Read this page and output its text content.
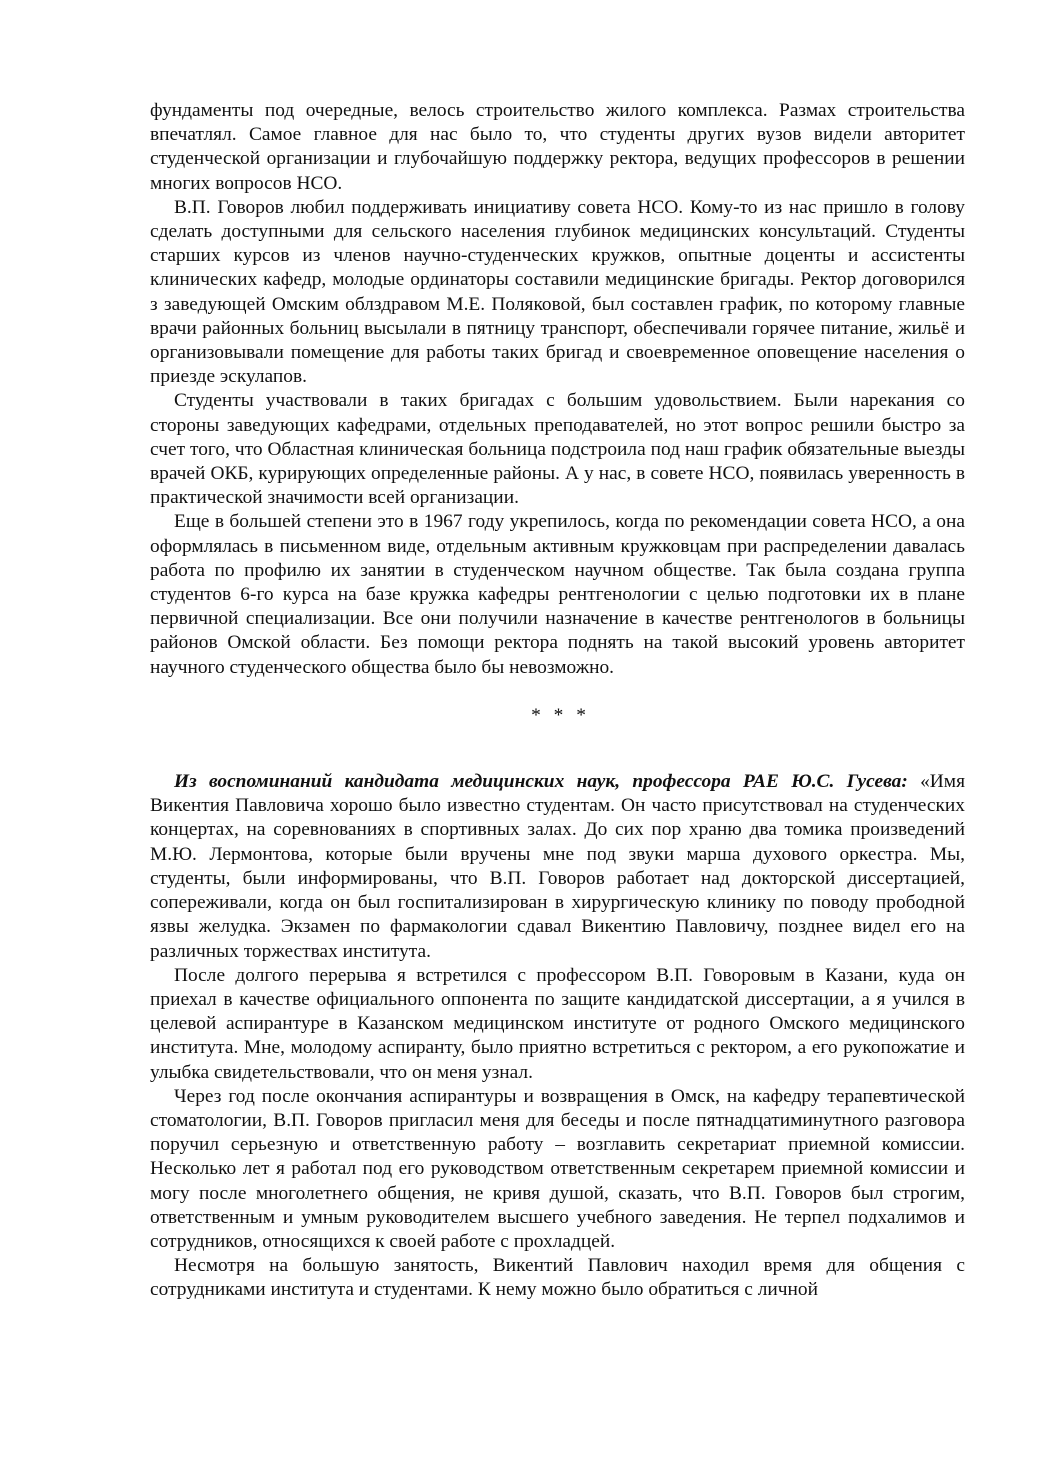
фундаменты под очередные, велось строительство жилого комплекса. Размах строительства впечатлял. Самое главное для нас было то, что студенты других вузов видели авторитет студенческой организации и глубочайшую поддержку ректора, ведущих профессоров в решении многих вопросов НСО.

В.П. Говоров любил поддерживать инициативу совета НСО. Кому-то из нас пришло в голову сделать доступными для сельского населения глубинок медицинских консультаций. Студенты старших курсов из членов научно-студенческих кружков, опытные доценты и ассистенты клинических кафедр, молодые ординаторы составили медицинские бригады. Ректор договорился з заведующей Омским облздравом М.Е. Поляковой, был составлен график, по которому главные врачи районных больниц высылали в пятницу транспорт, обеспечивали горячее питание, жильё и организовывали помещение для работы таких бригад и своевременное оповещение населения о приезде эскулапов.

Студенты участвовали в таких бригадах с большим удовольствием. Были нарекания со стороны заведующих кафедрами, отдельных преподавателей, но этот вопрос решили быстро за счет того, что Областная клиническая больница подстроила под наш график обязательные выезды врачей ОКБ, курирующих определенные районы. А у нас, в совете НСО, появилась уверенность в практической значимости всей организации.

Еще в большей степени это в 1967 году укрепилось, когда по рекомендации совета НСО, а она оформлялась в письменном виде, отдельным активным кружковцам при распределении давалась работа по профилю их занятии в студенческом научном обществе. Так была создана группа студентов 6-го курса на базе кружка кафедры рентгенологии с целью подготовки их в плане первичной специализации. Все они получили назначение в качестве рентгенологов в больницы районов Омской области. Без помощи ректора поднять на такой высокий уровень авторитет научного студенческого общества было бы невозможно.

* * *

Из воспоминаний кандидата медицинских наук, профессора РАЕ Ю.С. Гусева: «Имя Викентия Павловича хорошо было известно студентам. Он часто присутствовал на студенческих концертах, на соревнованиях в спортивных залах. До сих пор храню два томика произведений М.Ю. Лермонтова, которые были вручены мне под звуки марша духового оркестра. Мы, студенты, были информированы, что В.П. Говоров работает над докторской диссертацией, сопереживали, когда он был госпитализирован в хирургическую клинику по поводу прободной язвы желудка. Экзамен по фармакологии сдавал Викентию Павловичу, позднее видел его на различных торжествах института.

После долгого перерыва я встретился с профессором В.П. Говоровым в Казани, куда он приехал в качестве официального оппонента по защите кандидатской диссертации, а я учился в целевой аспирантуре в Казанском медицинском институте от родного Омского медицинского института. Мне, молодому аспиранту, было приятно встретиться с ректором, а его рукопожатие и улыбка свидетельствовали, что он меня узнал.

Через год после окончания аспирантуры и возвращения в Омск, на кафедру терапевтической стоматологии, В.П. Говоров пригласил меня для беседы и после пятнадцатиминутного разговора поручил серьезную и ответственную работу – возглавить секретариат приемной комиссии. Несколько лет я работал под его руководством ответственным секретарем приемной комиссии и могу после многолетнего общения, не кривя душой, сказать, что В.П. Говоров был строгим, ответственным и умным руководителем высшего учебного заведения. Не терпел подхалимов и сотрудников, относящихся к своей работе с прохладцей.

Несмотря на большую занятость, Викентий Павлович находил время для общения с сотрудниками института и студентами. К нему можно было обратиться с личной
